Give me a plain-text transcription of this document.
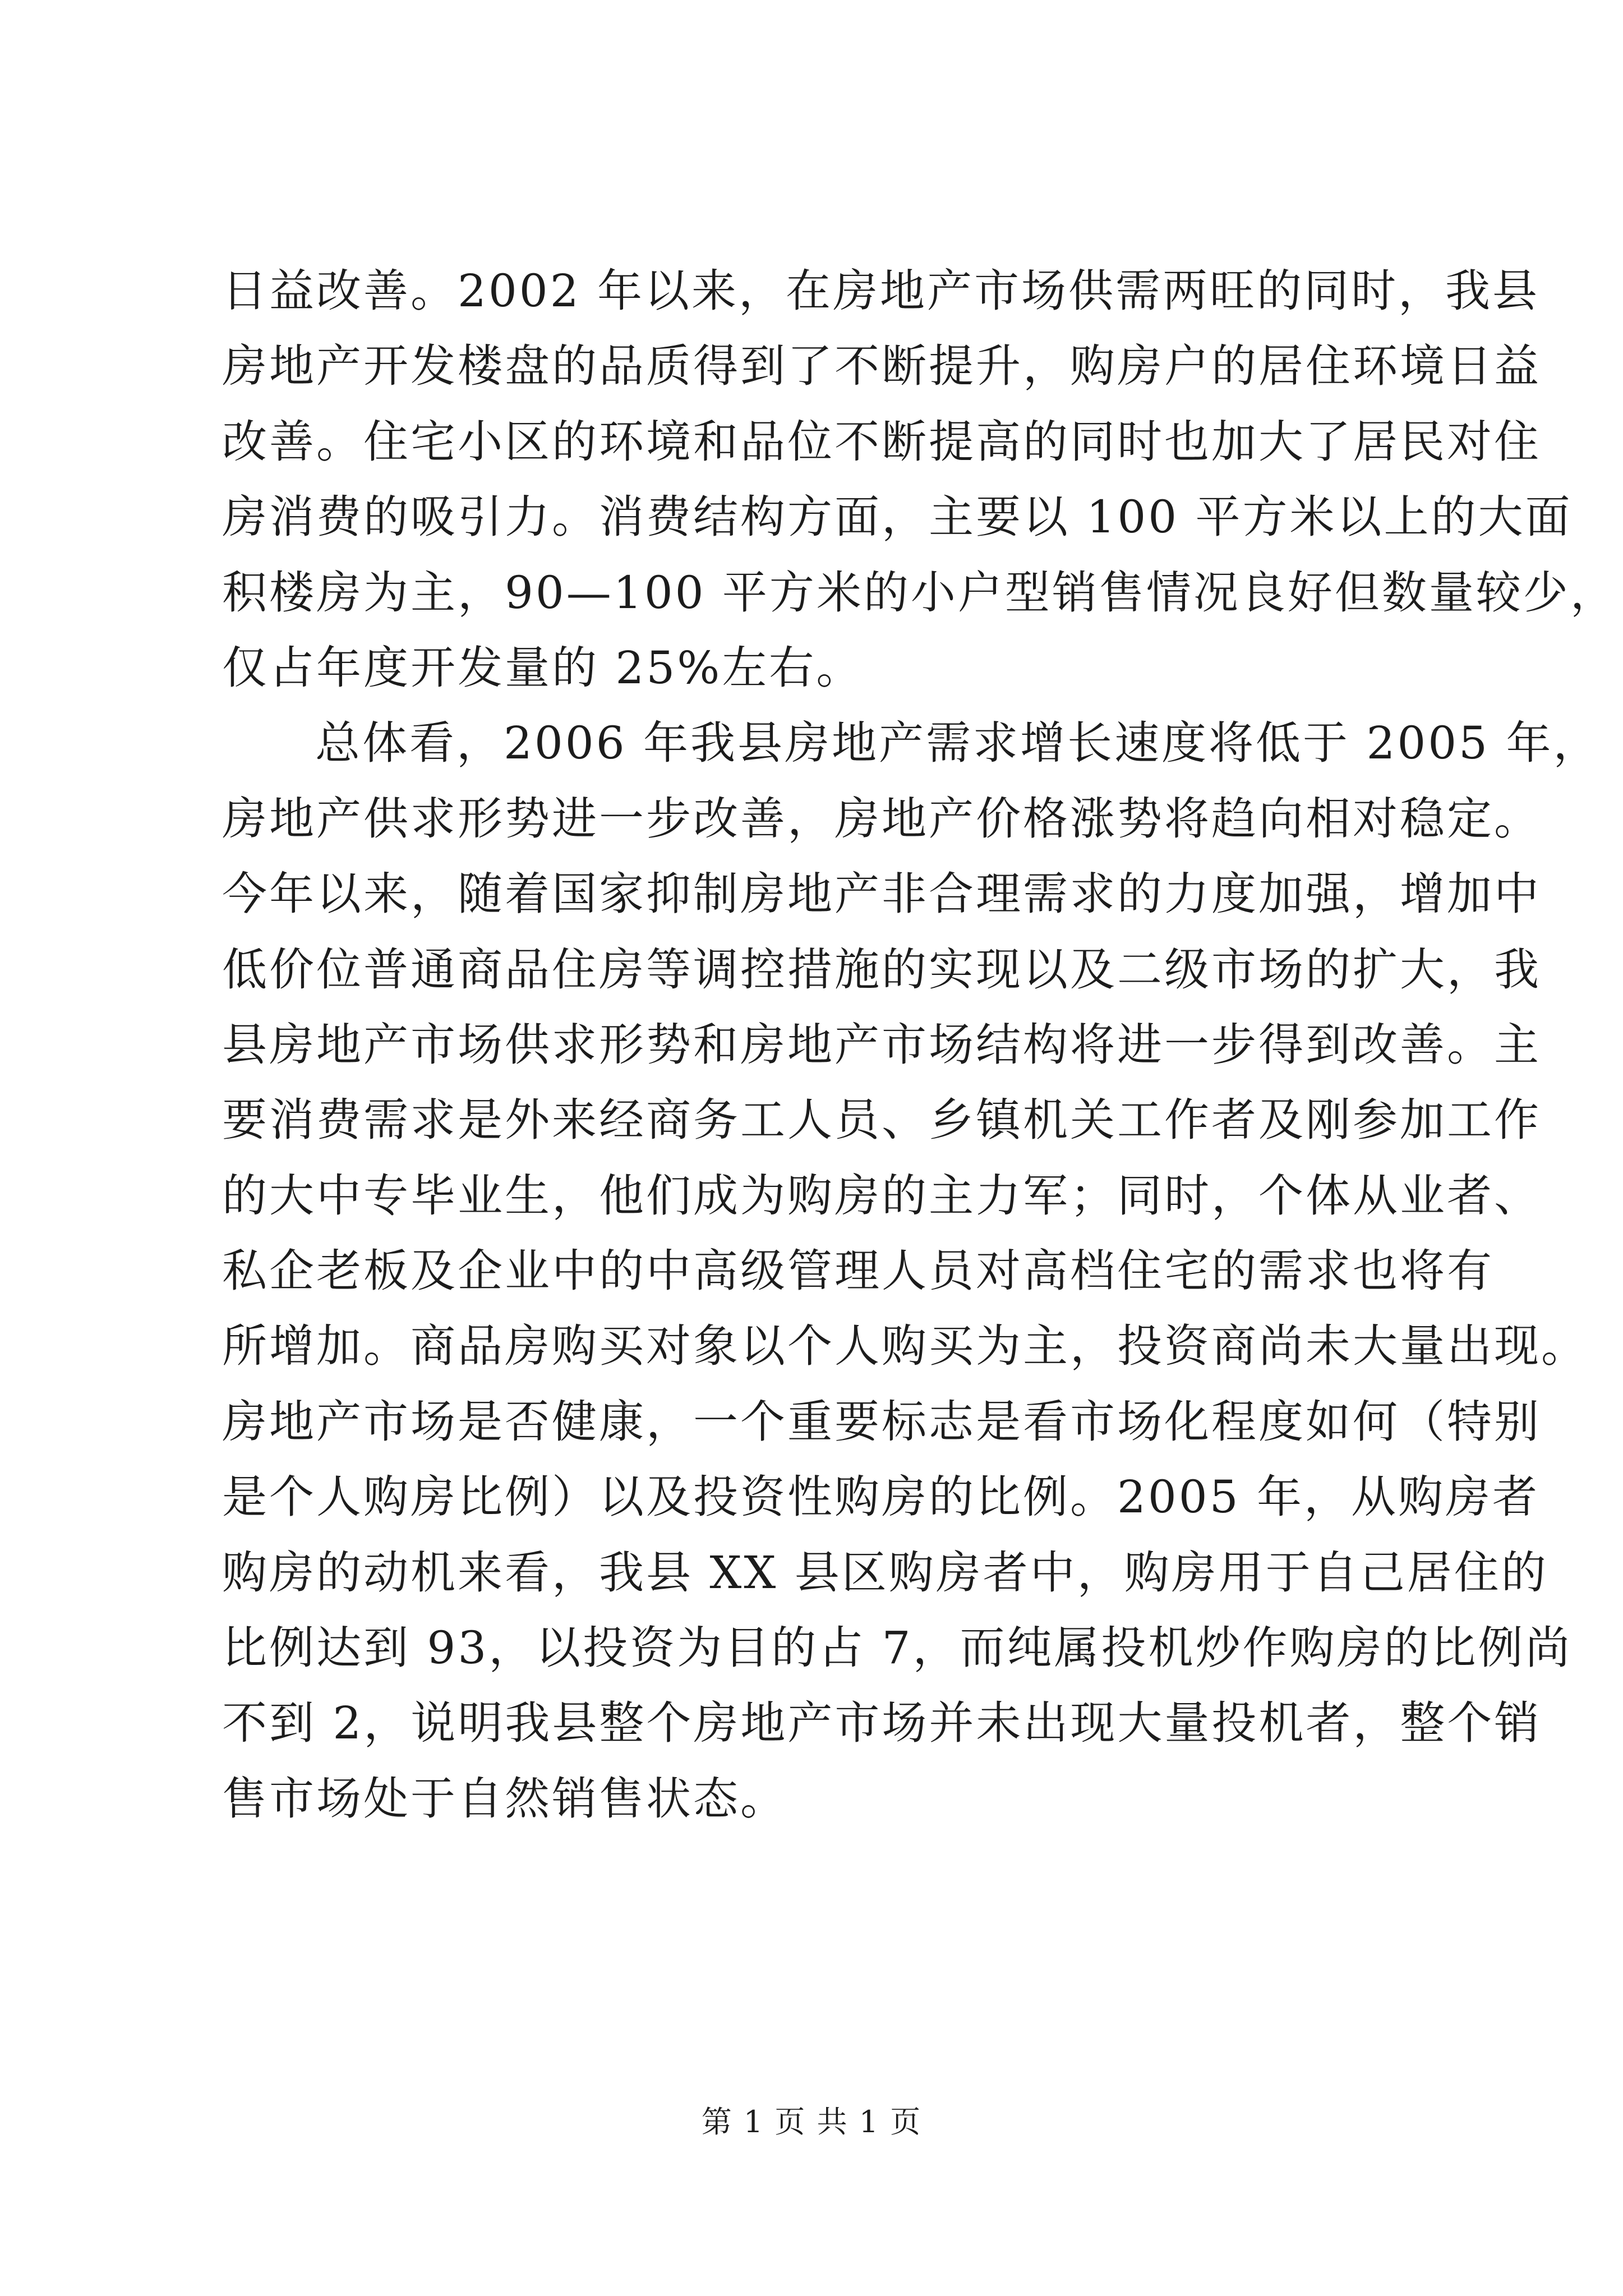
日益改善。2002 年以来，在房地产市场供需两旺的同时，我县
房地产开发楼盘的品质得到了不断提升，购房户的居住环境日益
改善。住宅小区的环境和品位不断提高的同时也加大了居民对住
房消费的吸引力。消费结构方面，主要以 100 平方米以上的大面
积楼房为主，90—100 平方米的小户型销售情况良好但数量较少，
仅占年度开发量的 25%左右。
总体看，2006 年我县房地产需求增长速度将低于 2005 年，
房地产供求形势进一步改善，房地产价格涨势将趋向相对稳定。
今年以来，随着国家抑制房地产非合理需求的力度加强，增加中
低价位普通商品住房等调控措施的实现以及二级市场的扩大，我
县房地产市场供求形势和房地产市场结构将进一步得到改善。主
要消费需求是外来经商务工人员、乡镇机关工作者及刚参加工作
的大中专毕业生，他们成为购房的主力军；同时，个体从业者、
私企老板及企业中的中高级管理人员对高档住宅的需求也将有
所增加。商品房购买对象以个人购买为主，投资商尚未大量出现。
房地产市场是否健康，一个重要标志是看市场化程度如何（特别
是个人购房比例）以及投资性购房的比例。2005 年，从购房者
购房的动机来看，我县 XX 县区购房者中，购房用于自己居住的
比例达到 93，以投资为目的占 7，而纯属投机炒作购房的比例尚
不到 2，说明我县整个房地产市场并未出现大量投机者，整个销
售市场处于自然销售状态。
第 1 页 共 1 页
